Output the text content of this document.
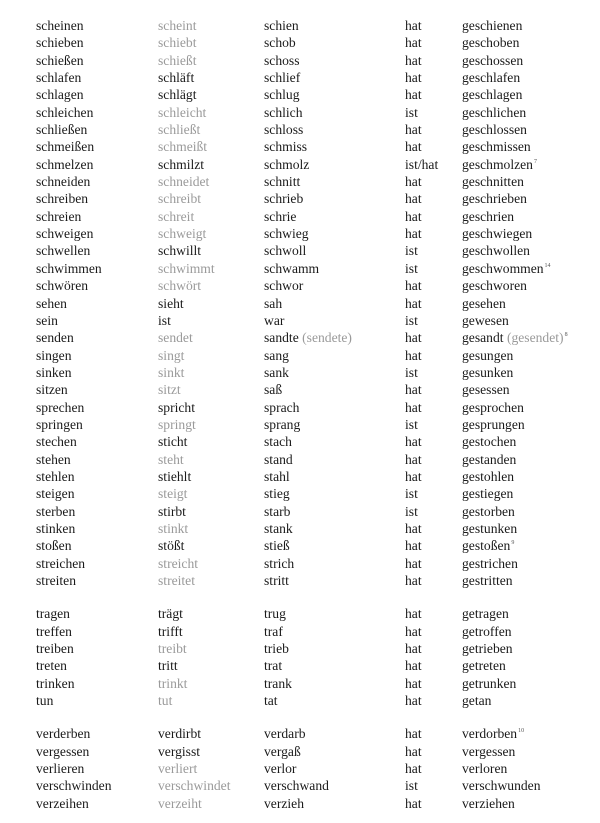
scheinen	scheint	schien	hat	geschienen
schieben	schiebt	schob	hat	geschoben
schießen	schießt	schoss	hat	geschossen
schlafen	schläft	schlief	hat	geschlafen
schlagen	schlägt	schlug	hat	geschlagen
schleichen	schleicht	schlich	ist	geschlichen
schließen	schließt	schloss	hat	geschlossen
schmeißen	schmeißt	schmiss	hat	geschmissen
schmelzen	schmilzt	schmolz	ist/hat	geschmolzen$^7$
schneiden	schneidet	schnitt	hat	geschnitten
schreiben	schreibt	schrieb	hat	geschrieben
schreien	schreit	schrie	hat	geschrien
schweigen	schweigt	schwieg	hat	geschwiegen
schwellen	schwillt	schwoll	ist	geschwollen
schwimmen	schwimmt	schwamm	ist	geschwommen$^{14}$
schwören	schwört	schwor	hat	geschworen
sehen	sieht	sah	hat	gesehen
sein	ist	war	ist	gewesen
senden	sendet	sandte (sendete)	hat	gesandt (gesendet)$^8$
singen	singt	sang	hat	gesungen
sinken	sinkt	sank	ist	gesunken
sitzen	sitzt	saß	hat	gesessen
sprechen	spricht	sprach	hat	gesprochen
springen	springt	sprang	ist	gesprungen
stechen	sticht	stach	hat	gestochen
stehen	steht	stand	hat	gestanden
stehlen	stiehlt	stahl	hat	gestohlen
steigen	steigt	stieg	ist	gestiegen
sterben	stirbt	starb	ist	gestorben
stinken	stinkt	stank	hat	gestunken
stoßen	stößt	stieß	hat	gestoßen$^9$
streichen	streicht	strich	hat	gestrichen
streiten	streitet	stritt	hat	gestritten

tragen	trägt	trug	hat	getragen
treffen	trifft	traf	hat	getroffen
treiben	treibt	trieb	hat	getrieben
treten	tritt	trat	hat	getreten
trinken	trinkt	trank	hat	getrunken
tun	tut	tat	hat	getan

verderben	verdirbt	verdarb	hat	verdorben$^{10}$
vergessen	vergisst	vergaß	hat	vergessen
verlieren	verliert	verlor	hat	verloren
verschwinden	verschwindet	verschwand	ist	verschwunden
verzeihen	verzeiht	verzieh	hat	verziehen
